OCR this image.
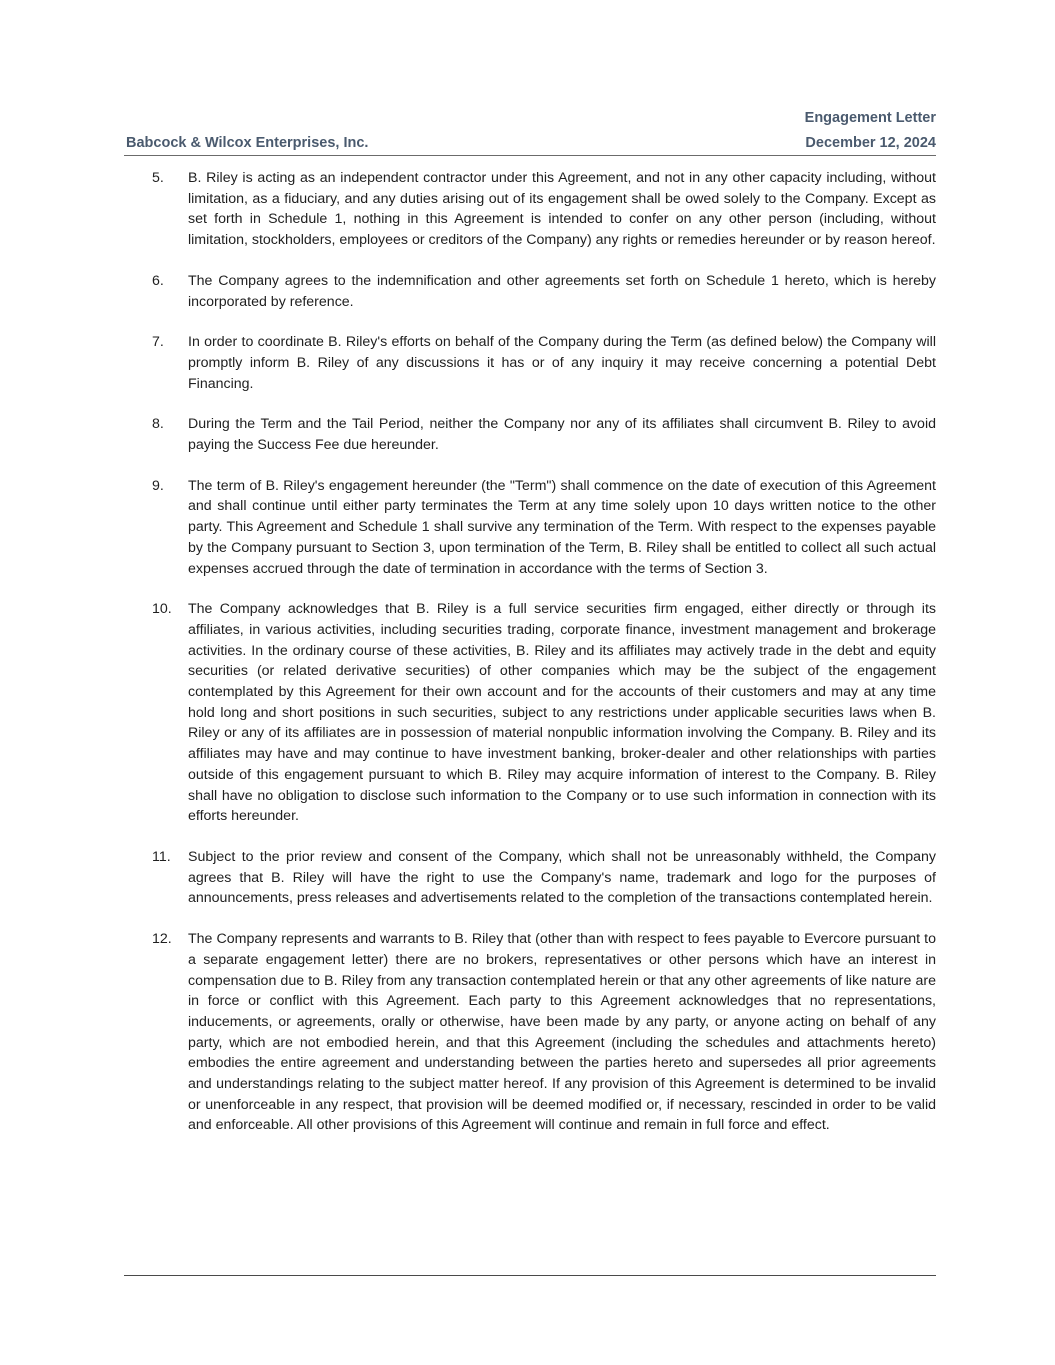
Engagement Letter
Babcock & Wilcox Enterprises, Inc.	December 12, 2024
5.	B. Riley is acting as an independent contractor under this Agreement, and not in any other capacity including, without limitation, as a fiduciary, and any duties arising out of its engagement shall be owed solely to the Company. Except as set forth in Schedule 1, nothing in this Agreement is intended to confer on any other person (including, without limitation, stockholders, employees or creditors of the Company) any rights or remedies hereunder or by reason hereof.
6.	The Company agrees to the indemnification and other agreements set forth on Schedule 1 hereto, which is hereby incorporated by reference.
7.	In order to coordinate B. Riley's efforts on behalf of the Company during the Term (as defined below) the Company will promptly inform B. Riley of any discussions it has or of any inquiry it may receive concerning a potential Debt Financing.
8.	During the Term and the Tail Period, neither the Company nor any of its affiliates shall circumvent B. Riley to avoid paying the Success Fee due hereunder.
9.	The term of B. Riley's engagement hereunder (the "Term") shall commence on the date of execution of this Agreement and shall continue until either party terminates the Term at any time solely upon 10 days written notice to the other party. This Agreement and Schedule 1 shall survive any termination of the Term. With respect to the expenses payable by the Company pursuant to Section 3, upon termination of the Term, B. Riley shall be entitled to collect all such actual expenses accrued through the date of termination in accordance with the terms of Section 3.
10.	The Company acknowledges that B. Riley is a full service securities firm engaged, either directly or through its affiliates, in various activities, including securities trading, corporate finance, investment management and brokerage activities. In the ordinary course of these activities, B. Riley and its affiliates may actively trade in the debt and equity securities (or related derivative securities) of other companies which may be the subject of the engagement contemplated by this Agreement for their own account and for the accounts of their customers and may at any time hold long and short positions in such securities, subject to any restrictions under applicable securities laws when B. Riley or any of its affiliates are in possession of material nonpublic information involving the Company. B. Riley and its affiliates may have and may continue to have investment banking, broker-dealer and other relationships with parties outside of this engagement pursuant to which B. Riley may acquire information of interest to the Company. B. Riley shall have no obligation to disclose such information to the Company or to use such information in connection with its efforts hereunder.
11.	Subject to the prior review and consent of the Company, which shall not be unreasonably withheld, the Company agrees that B. Riley will have the right to use the Company's name, trademark and logo for the purposes of announcements, press releases and advertisements related to the completion of the transactions contemplated herein.
12.	The Company represents and warrants to B. Riley that (other than with respect to fees payable to Evercore pursuant to a separate engagement letter) there are no brokers, representatives or other persons which have an interest in compensation due to B. Riley from any transaction contemplated herein or that any other agreements of like nature are in force or conflict with this Agreement. Each party to this Agreement acknowledges that no representations, inducements, or agreements, orally or otherwise, have been made by any party, or anyone acting on behalf of any party, which are not embodied herein, and that this Agreement (including the schedules and attachments hereto) embodies the entire agreement and understanding between the parties hereto and supersedes all prior agreements and understandings relating to the subject matter hereof. If any provision of this Agreement is determined to be invalid or unenforceable in any respect, that provision will be deemed modified or, if necessary, rescinded in order to be valid and enforceable. All other provisions of this Agreement will continue and remain in full force and effect.
